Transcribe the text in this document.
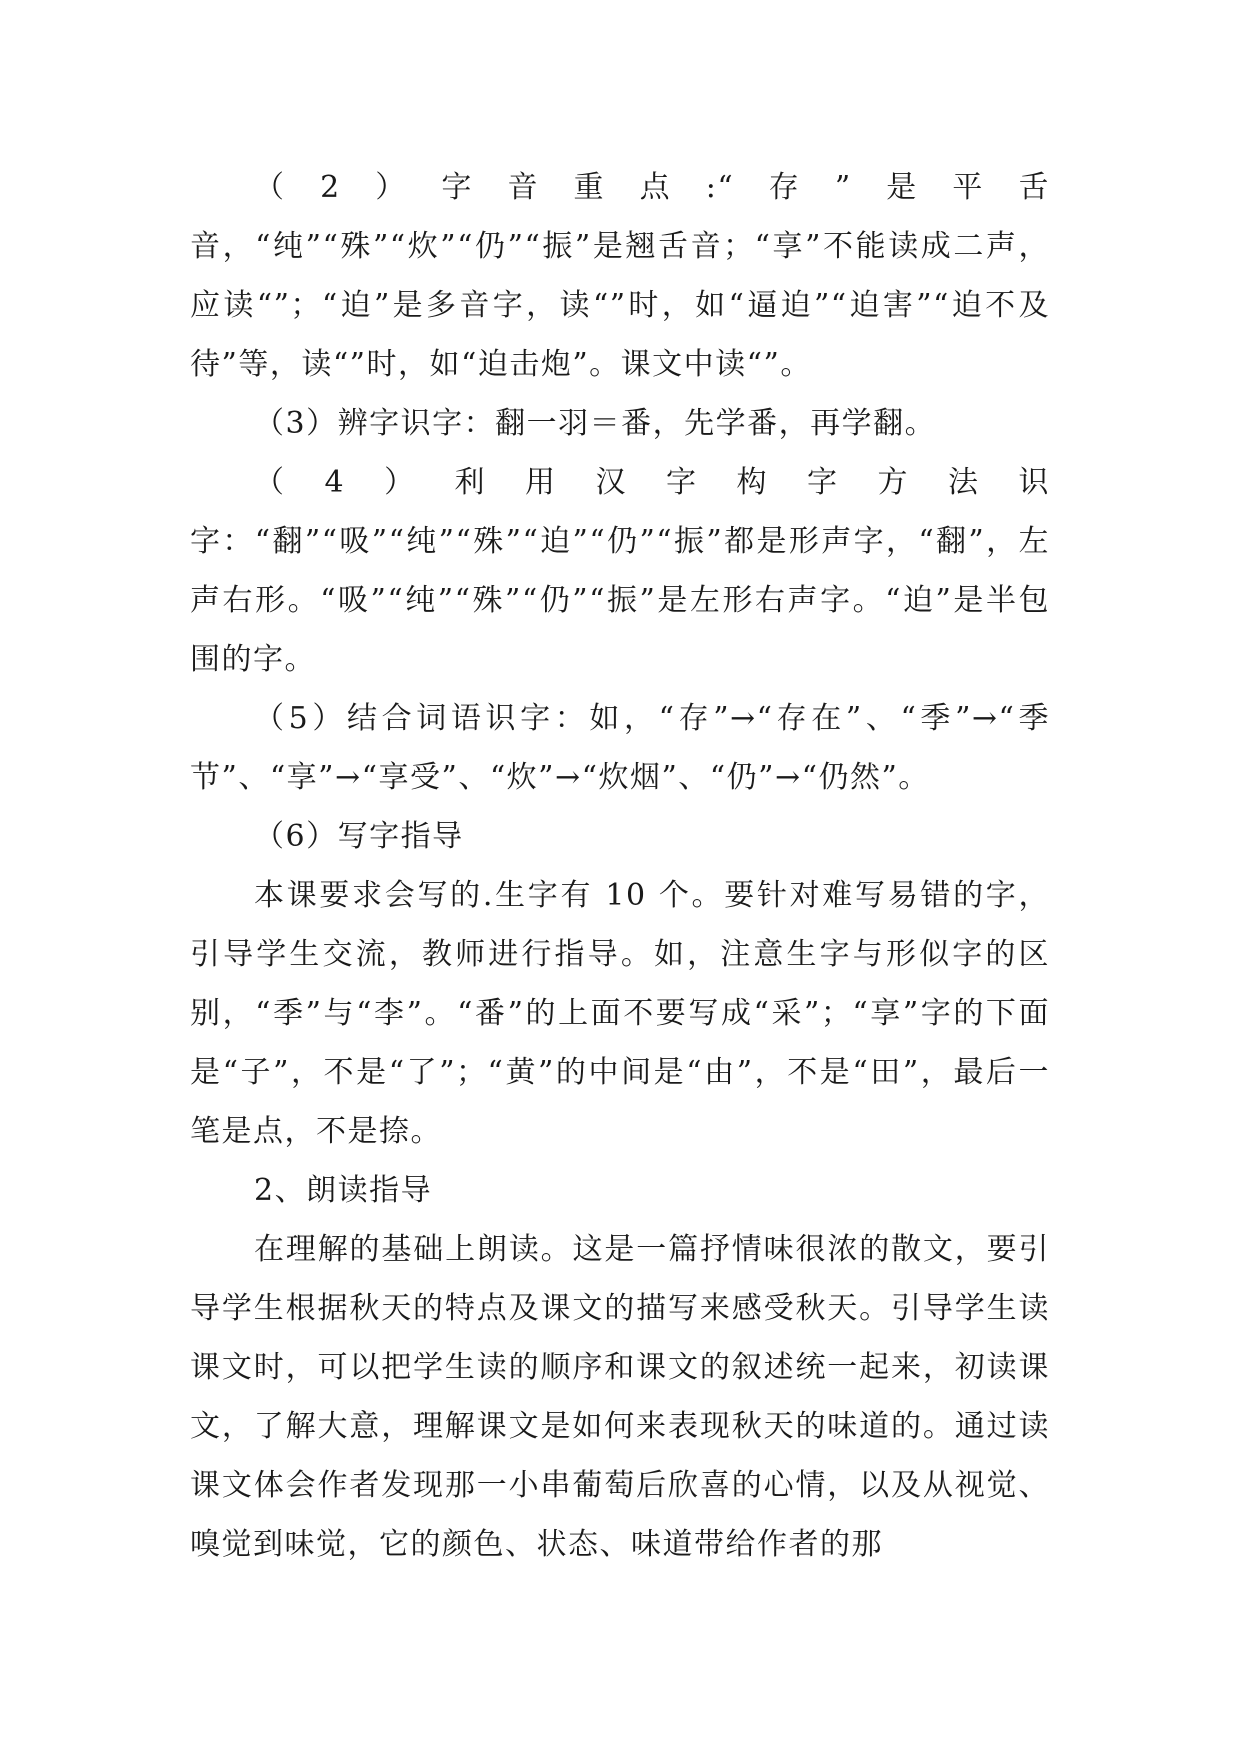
（2）字音重点:“存”是平舌音，“纯”“殊”“炊”“仍”“振”是翘舌音；“享”不能读成二声，应读“”；“迫”是多音字，读“”时，如“逼迫”“迫害”“迫不及待”等，读“”时，如“迫击炮”。课文中读“”。

（3）辨字识字：翻一羽＝番，先学番，再学翻。

（4）利用汉字构字方法识字：“翻”“吸”“纯”“殊”“迫”“仍”“振”都是形声字，“翻”，左声右形。“吸”“纯”“殊”“仍”“振”是左形右声字。“迫”是半包围的字。

（5）结合词语识字：如，“存”→“存在”、“季”→“季节”、“享”→“享受”、“炊”→“炊烟”、“仍”→“仍然”。

（6）写字指导

本课要求会写的.生字有 10 个。要针对难写易错的字，引导学生交流，教师进行指导。如，注意生字与形似字的区别，“季”与“李”。“番”的上面不要写成“采”；“享”字的下面是“子”，不是“了”；“黄”的中间是“由”，不是“田”，最后一笔是点，不是捺。

2、朗读指导

在理解的基础上朗读。这是一篇抒情味很浓的散文，要引导学生根据秋天的特点及课文的描写来感受秋天。引导学生读课文时，可以把学生读的顺序和课文的叙述统一起来，初读课文，了解大意，理解课文是如何来表现秋天的味道的。通过读课文体会作者发现那一小串葡萄后欣喜的心情，以及从视觉、嗅觉到味觉，它的颜色、状态、味道带给作者的那
